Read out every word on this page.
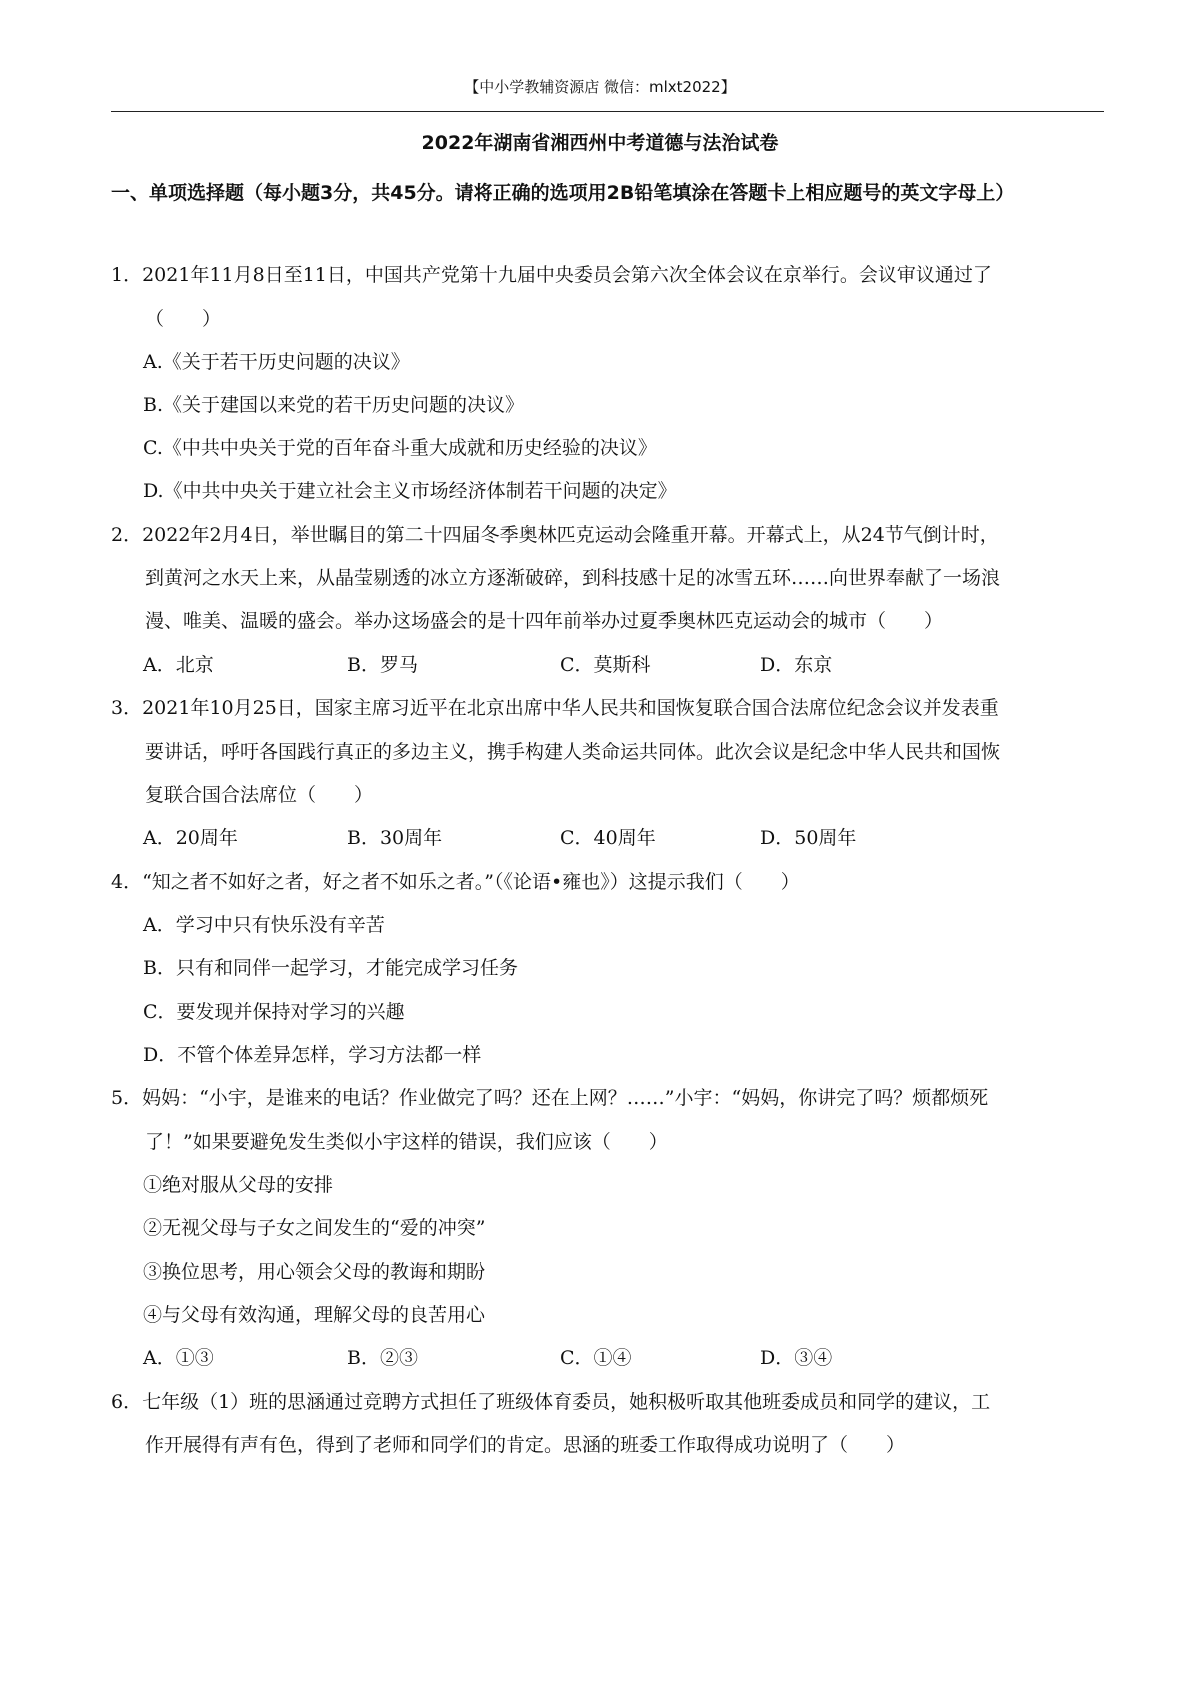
【中小学教辅资源店 微信：mlxt2022】
2022年湖南省湘西州中考道德与法治试卷
一、单项选择题（每小题3分，共45分。请将正确的选项用2B铅笔填涂在答题卡上相应题号的英文字母上）
1．2021年11月8日至11日，中国共产党第十九届中央委员会第六次全体会议在京举行。会议审议通过了
（　　）
A.《关于若干历史问题的决议》
B.《关于建国以来党的若干历史问题的决议》
C.《中共中央关于党的百年奋斗重大成就和历史经验的决议》
D.《中共中央关于建立社会主义市场经济体制若干问题的决定》
2．2022年2月4日，举世瞩目的第二十四届冬季奥林匹克运动会隆重开幕。开幕式上，从24节气倒计时，
到黄河之水天上来，从晶莹剔透的冰立方逐渐破碎，到科技感十足的冰雪五环……向世界奉献了一场浪
漫、唯美、温暖的盛会。举办这场盛会的是十四年前举办过夏季奥林匹克运动会的城市（　　）
A．北京	B．罗马	C．莫斯科	D．东京
3．2021年10月25日，国家主席习近平在北京出席中华人民共和国恢复联合国合法席位纪念会议并发表重
要讲话，呼吁各国践行真正的多边主义，携手构建人类命运共同体。此次会议是纪念中华人民共和国恢
复联合国合法席位（　　）
A．20周年	B．30周年	C．40周年	D．50周年
4．“知之者不如好之者，好之者不如乐之者。”（《论语•雍也》）这提示我们（　　）
A．学习中只有快乐没有辛苦
B．只有和同伴一起学习，才能完成学习任务
C．要发现并保持对学习的兴趣
D．不管个体差异怎样，学习方法都一样
5．妈妈：“小宇，是谁来的电话？作业做完了吗？还在上网？……”小宇：“妈妈，你讲完了吗？烦都烦死
了！”如果要避免发生类似小宇这样的错误，我们应该（　　）
①绝对服从父母的安排
②无视父母与子女之间发生的“爱的冲突”
③换位思考，用心领会父母的教诲和期盼
④与父母有效沟通，理解父母的良苦用心
A．①③	B．②③	C．①④	D．③④
6．七年级（1）班的思涵通过竞聘方式担任了班级体育委员，她积极听取其他班委成员和同学的建议，工
作开展得有声有色，得到了老师和同学们的肯定。思涵的班委工作取得成功说明了（　　）
